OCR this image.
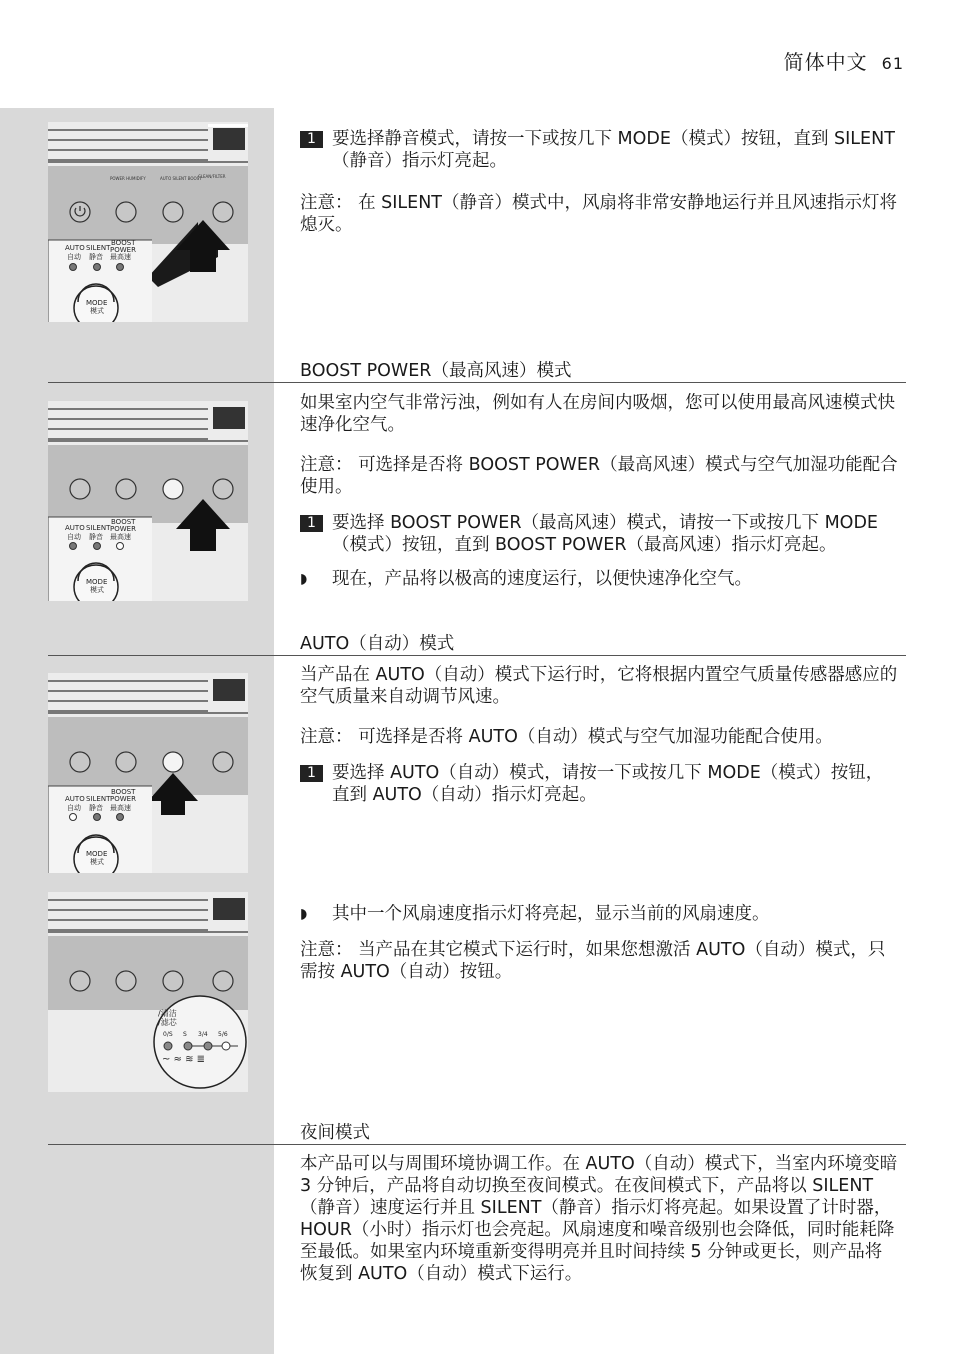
简体中文 61
POWER HUMIDIFY	AUTO SILENT BOOST
CLEAN/FILTER
AUTO SILENT
BOOST
POWER
自动 静音 最高速
MODE
模式

1 要选择静音模式，请按一下或按几下 MODE（模式）按钮，直到 SILENT（静音）指示灯亮起。

注意： 在 SILENT（静音）模式中，风扇将非常安静地运行并且风速指示灯将熄灭。

BOOST POWER（最高风速）模式
AUTO SILENT
BOOST
POWER
自动 静音 最高速
MODE
模式

如果室内空气非常污浊，例如有人在房间内吸烟，您可以使用最高风速模式快速净化空气。

注意： 可选择是否将 BOOST POWER（最高风速）模式与空气加湿功能配合使用。

1 要选择 BOOST POWER（最高风速）模式，请按一下或按几下 MODE（模式）按钮，直到 BOOST POWER（最高风速）指示灯亮起。

◗ 现在，产品将以极高的速度运行，以便快速净化空气。

AUTO（自动）模式
AUTO SILENT
BOOST
POWER
自动 静音 最高速
MODE
模式

当产品在 AUTO（自动）模式下运行时，它将根据内置空气质量传感器感应的空气质量来自动调节风速。

注意： 可选择是否将 AUTO（自动）模式与空气加湿功能配合使用。

1 要选择 AUTO（自动）模式，请按一下或按几下 MODE（模式）按钮，直到 AUTO（自动）指示灯亮起。

/清洁
/滤芯
0/S S 3/4 5/6
~ ≈ ≋ ≣

◗ 其中一个风扇速度指示灯将亮起，显示当前的风扇速度。

注意： 当产品在其它模式下运行时，如果您想激活 AUTO（自动）模式，只需按 AUTO（自动）按钮。

夜间模式

本产品可以与周围环境协调工作。在 AUTO（自动）模式下，当室内环境变暗 3 分钟后，产品将自动切换至夜间模式。在夜间模式下，产品将以 SILENT（静音）速度运行并且 SILENT（静音）指示灯将亮起。如果设置了计时器，HOUR（小时）指示灯也会亮起。风扇速度和噪音级别也会降低，同时能耗降至最低。如果室内环境重新变得明亮并且时间持续 5 分钟或更长，则产品将恢复到 AUTO（自动）模式下运行。
